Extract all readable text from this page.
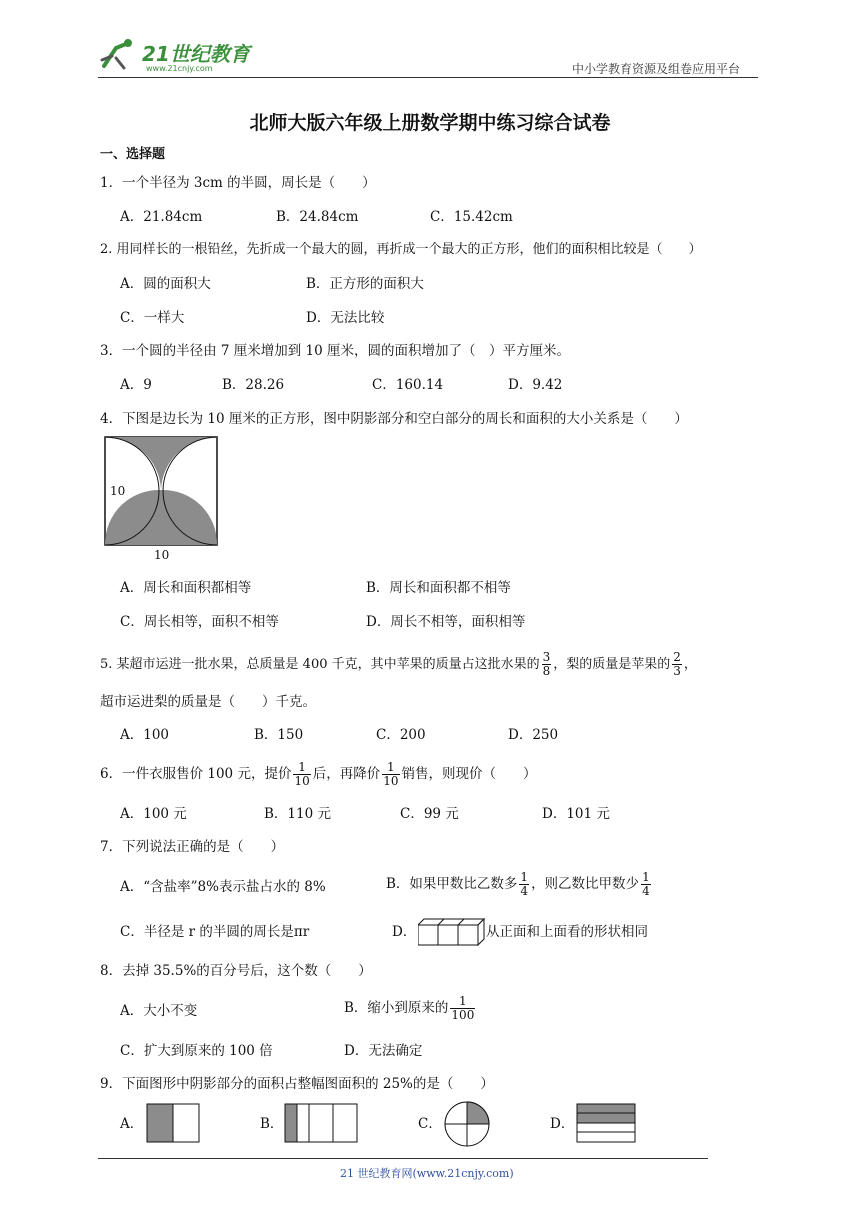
21世纪教育
www.21cnjy.com	中小学教育资源及组卷应用平台
北师大版六年级上册数学期中练习综合试卷
一、选择题
1．一个半径为 3cm 的半圆，周长是（　　）
A．21.84cm	B．24.84cm	C．15.42cm
2. 用同样长的一根铅丝，先折成一个最大的圆，再折成一个最大的正方形，他们的面积相比较是（　　）
A．圆的面积大	B．正方形的面积大
C．一样大	D．无法比较
3．一个圆的半径由 7 厘米增加到 10 厘米，圆的面积增加了（　）平方厘米。
A．9	B．28.26	C．160.14	D．9.42
4．下图是边长为 10 厘米的正方形，图中阴影部分和空白部分的周长和面积的大小关系是（　　）
10
10
A．周长和面积都相等	B．周长和面积都不相等
C．周长相等，面积不相等	D．周长不相等，面积相等
5. 某超市运进一批水果，总质量是 400 千克，其中苹果的质量占这批水果的 $\frac{3}{8}$ ，梨的质量是苹果的 $\frac{2}{3}$ ，
超市运进梨的质量是（　　）千克。
A．100	B．150	C．200	D．250
6．一件衣服售价 100 元，提价 $\frac{1}{10}$ 后，再降价 $\frac{1}{10}$ 销售，则现价（　　）
A．100 元	B．110 元	C．99 元	D．101 元
7．下列说法正确的是（　　）
A．“含盐率”8%表示盐占水的 8%	B．如果甲数比乙数多 $\frac{1}{4}$ ，则乙数比甲数少 $\frac{1}{4}$
C．半径是 r 的半圆的周长是πr	D．	从正面和上面看的形状相同
8．去掉 35.5%的百分号后，这个数（　　）
A．大小不变	B．缩小到原来的 $\frac{1}{100}$
C．扩大到原来的 100 倍	D．无法确定
9．下面图形中阴影部分的面积占整幅图面积的 25%的是（　　）
A．	B．	C．	D．
21 世纪教育网(www.21cnjy.com)
